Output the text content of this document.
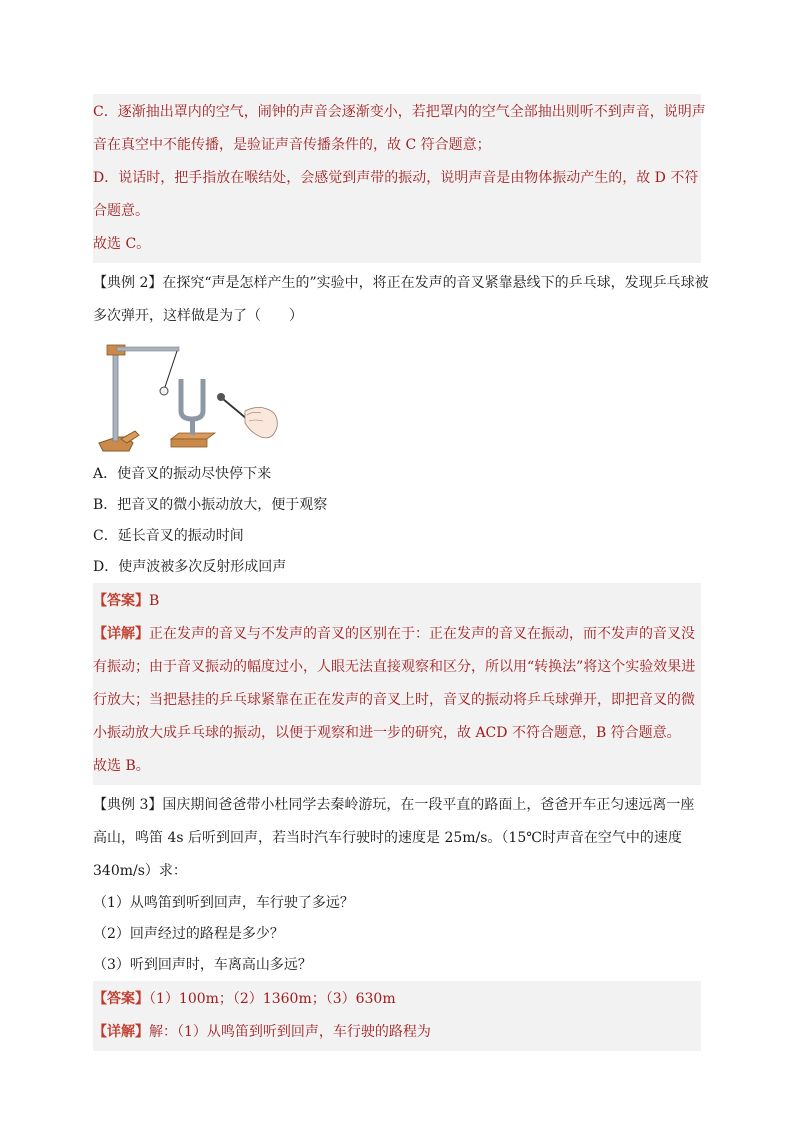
C．逐渐抽出罩内的空气，闹钟的声音会逐渐变小，若把罩内的空气全部抽出则听不到声音，说明声
音在真空中不能传播，是验证声音传播条件的，故 C 符合题意；
D．说话时，把手指放在喉结处，会感觉到声带的振动，说明声音是由物体振动产生的，故 D 不符
合题意。
故选 C。
【典例 2】在探究“声是怎样产生的”实验中，将正在发声的音叉紧靠悬线下的乒乓球，发现乒乓球被
多次弹开，这样做是为了（　　）
A．使音叉的振动尽快停下来
B．把音叉的微小振动放大，便于观察
C．延长音叉的振动时间
D．使声波被多次反射形成回声
【答案】B
【详解】正在发声的音叉与不发声的音叉的区别在于：正在发声的音叉在振动，而不发声的音叉没
有振动；由于音叉振动的幅度过小，人眼无法直接观察和区分，所以用“转换法”将这个实验效果进
行放大；当把悬挂的乒乓球紧靠在正在发声的音叉上时，音叉的振动将乒乓球弹开，即把音叉的微
小振动放大成乒乓球的振动，以便于观察和进一步的研究，故 ACD 不符合题意，B 符合题意。
故选 B。
【典例 3】国庆期间爸爸带小杜同学去秦岭游玩，在一段平直的路面上，爸爸开车正匀速远离一座
高山，鸣笛 4s 后听到回声，若当时汽车行驶时的速度是 25m/s。（15℃时声音在空气中的速度
340m/s）求：
（1）从鸣笛到听到回声，车行驶了多远？
（2）回声经过的路程是多少？
（3）听到回声时，车离高山多远？
【答案】（1）100m；（2）1360m；（3）630m
【详解】解：（1）从鸣笛到听到回声，车行驶的路程为
